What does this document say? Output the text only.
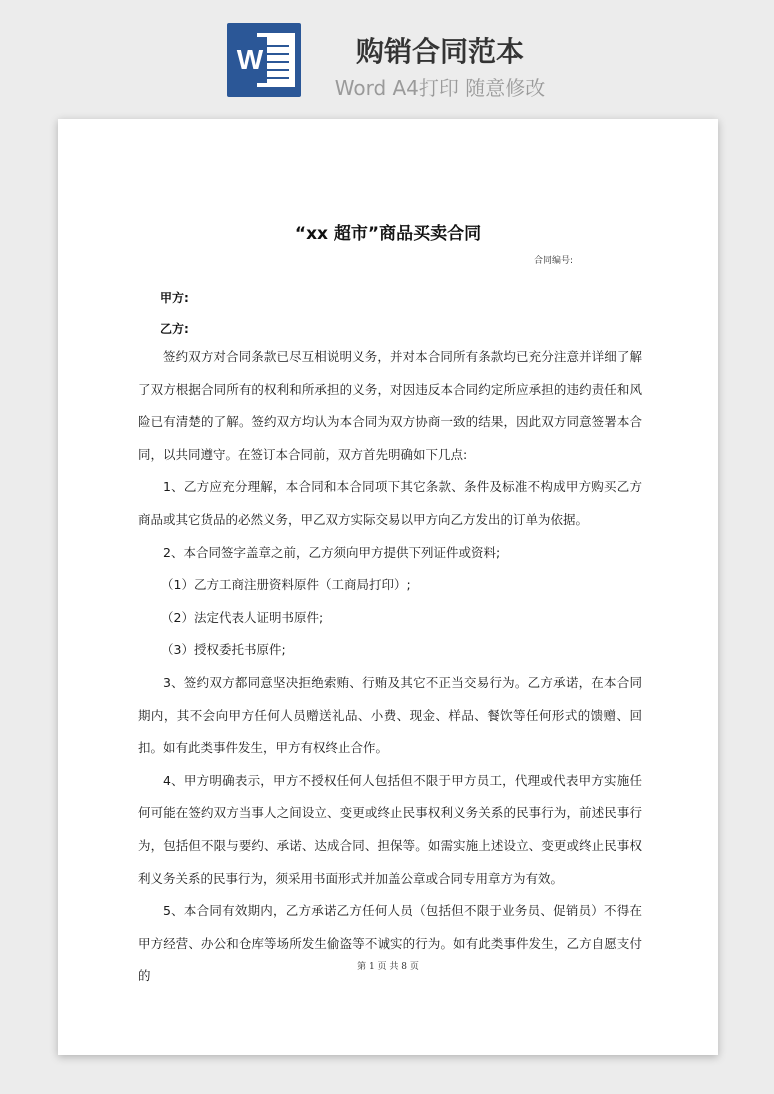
W	购销合同范本
Word A4打印 随意修改
“xx 超市”商品买卖合同
合同编号:
甲方:
乙方:

签约双方对合同条款已尽互相说明义务，并对本合同所有条款均已充分注意并详细了解了双方根据合同所有的权利和所承担的义务，对因违反本合同约定所应承担的违约责任和风险已有清楚的了解。签约双方均认为本合同为双方协商一致的结果，因此双方同意签署本合同，以共同遵守。在签订本合同前，双方首先明确如下几点:

1、乙方应充分理解，本合同和本合同项下其它条款、条件及标准不构成甲方购买乙方商品或其它货品的必然义务，甲乙双方实际交易以甲方向乙方发出的订单为依据。

2、本合同签字盖章之前，乙方须向甲方提供下列证件或资料;

（1）乙方工商注册资料原件（工商局打印）;

（2）法定代表人证明书原件;

（3）授权委托书原件;

3、签约双方都同意坚决拒绝索贿、行贿及其它不正当交易行为。乙方承诺，在本合同期内，其不会向甲方任何人员赠送礼品、小费、现金、样品、餐饮等任何形式的馈赠、回扣。如有此类事件发生，甲方有权终止合作。

4、甲方明确表示，甲方不授权任何人包括但不限于甲方员工，代理或代表甲方实施任何可能在签约双方当事人之间设立、变更或终止民事权利义务关系的民事行为，前述民事行为，包括但不限与要约、承诺、达成合同、担保等。如需实施上述设立、变更或终止民事权利义务关系的民事行为，须采用书面形式并加盖公章或合同专用章方为有效。

5、本合同有效期内，乙方承诺乙方任何人员（包括但不限于业务员、促销员）不得在甲方经营、办公和仓库等场所发生偷盗等不诚实的行为。如有此类事件发生，乙方自愿支付的

第 1 页 共 8 页
